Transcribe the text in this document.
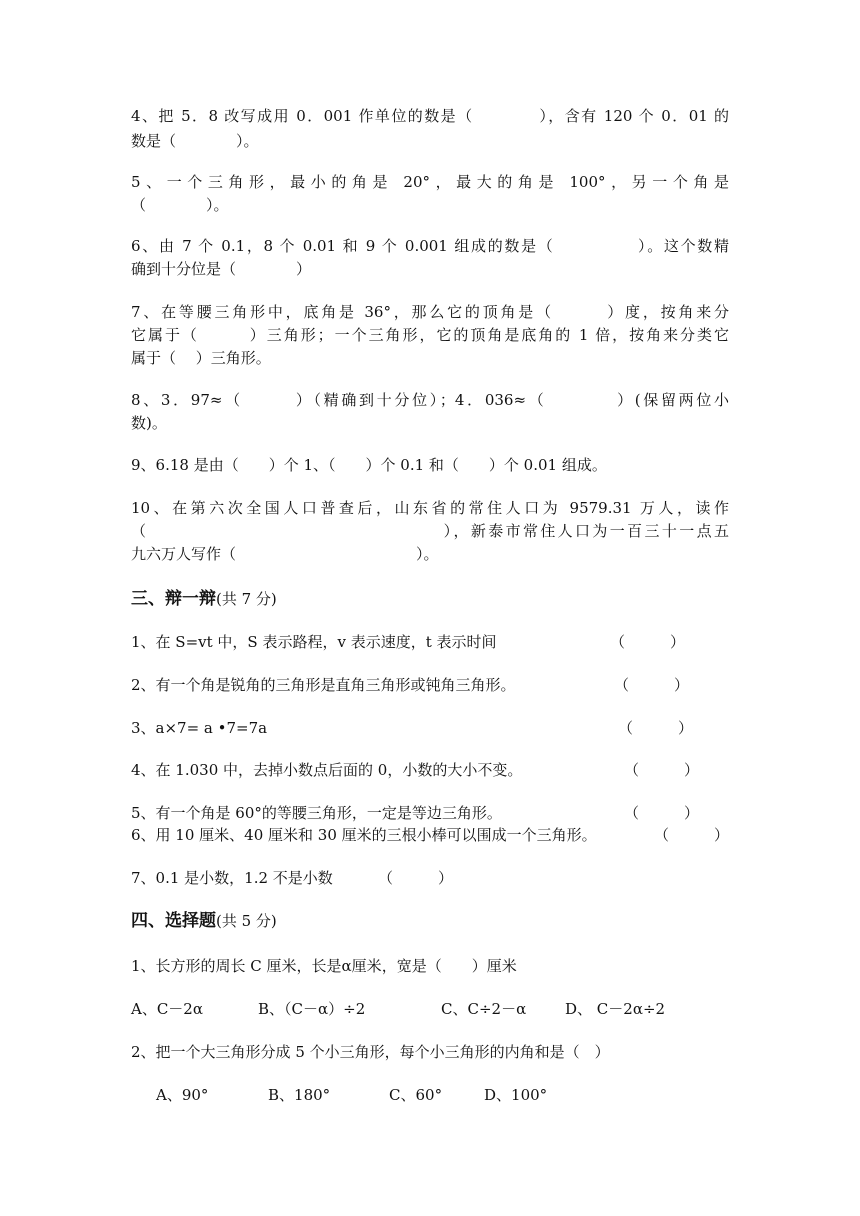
4、把 5．8 改写成用 0．001 作单位的数是（　　　　），含有 120 个 0．01 的
数是（　　　　）。
5、一个三角形，最小的角是 20°，最大的角是 100°，另一个角是
（　　　　）。
6、由 7 个 0.1，8 个 0.01 和 9 个 0.001 组成的数是（　　　　　）。这个数精
确到十分位是（　　　　）
7、在等腰三角形中，底角是 36°，那么它的顶角是（　　　）度，按角来分
它属于（　　　）三角形；一个三角形，它的顶角是底角的 1 倍，按角来分类它
属于（　 ）三角形。
8、3．97≈（　　　）（精确到十分位）；4．036≈（　　　　）(保留两位小
数)。
9、6.18 是由（　　）个 1、（　　）个 0.1 和（　　）个 0.01 组成。
10、在第六次全国人口普查后，山东省的常住人口为 9579.31 万人，读作
（　　　　　　　　　　　　　　　　　），新泰市常住人口为一百三十一点五
九六万人写作（　　　　　　　　　　　　）。
三、辩一辩(共 7 分)
1、在 S=vt 中，S 表示路程，v 表示速度，t 表示时间	（　　　）
2、有一个角是锐角的三角形是直角三角形或钝角三角形。	（　　　）
3、a×7= a •7=7a	（　　　）
4、在 1.030 中，去掉小数点后面的 0，小数的大小不变。	（　　　）
5、有一个角是 60°的等腰三角形，一定是等边三角形。	（　　　）
6、用 10 厘米、40 厘米和 30 厘米的三根小棒可以围成一个三角形。	（　　　）
7、0.1 是小数，1.2 不是小数	（　　　）
四、选择题(共 5 分)
1、长方形的周长 C 厘米，长是α厘米，宽是（　　）厘米
A、C－2α	B、（C－α）÷2	C、C÷2－α	D、 C－2α÷2
2、把一个大三角形分成 5 个小三角形，每个小三角形的内角和是（　）
A、90°	B、180°	C、60°	D、100°
